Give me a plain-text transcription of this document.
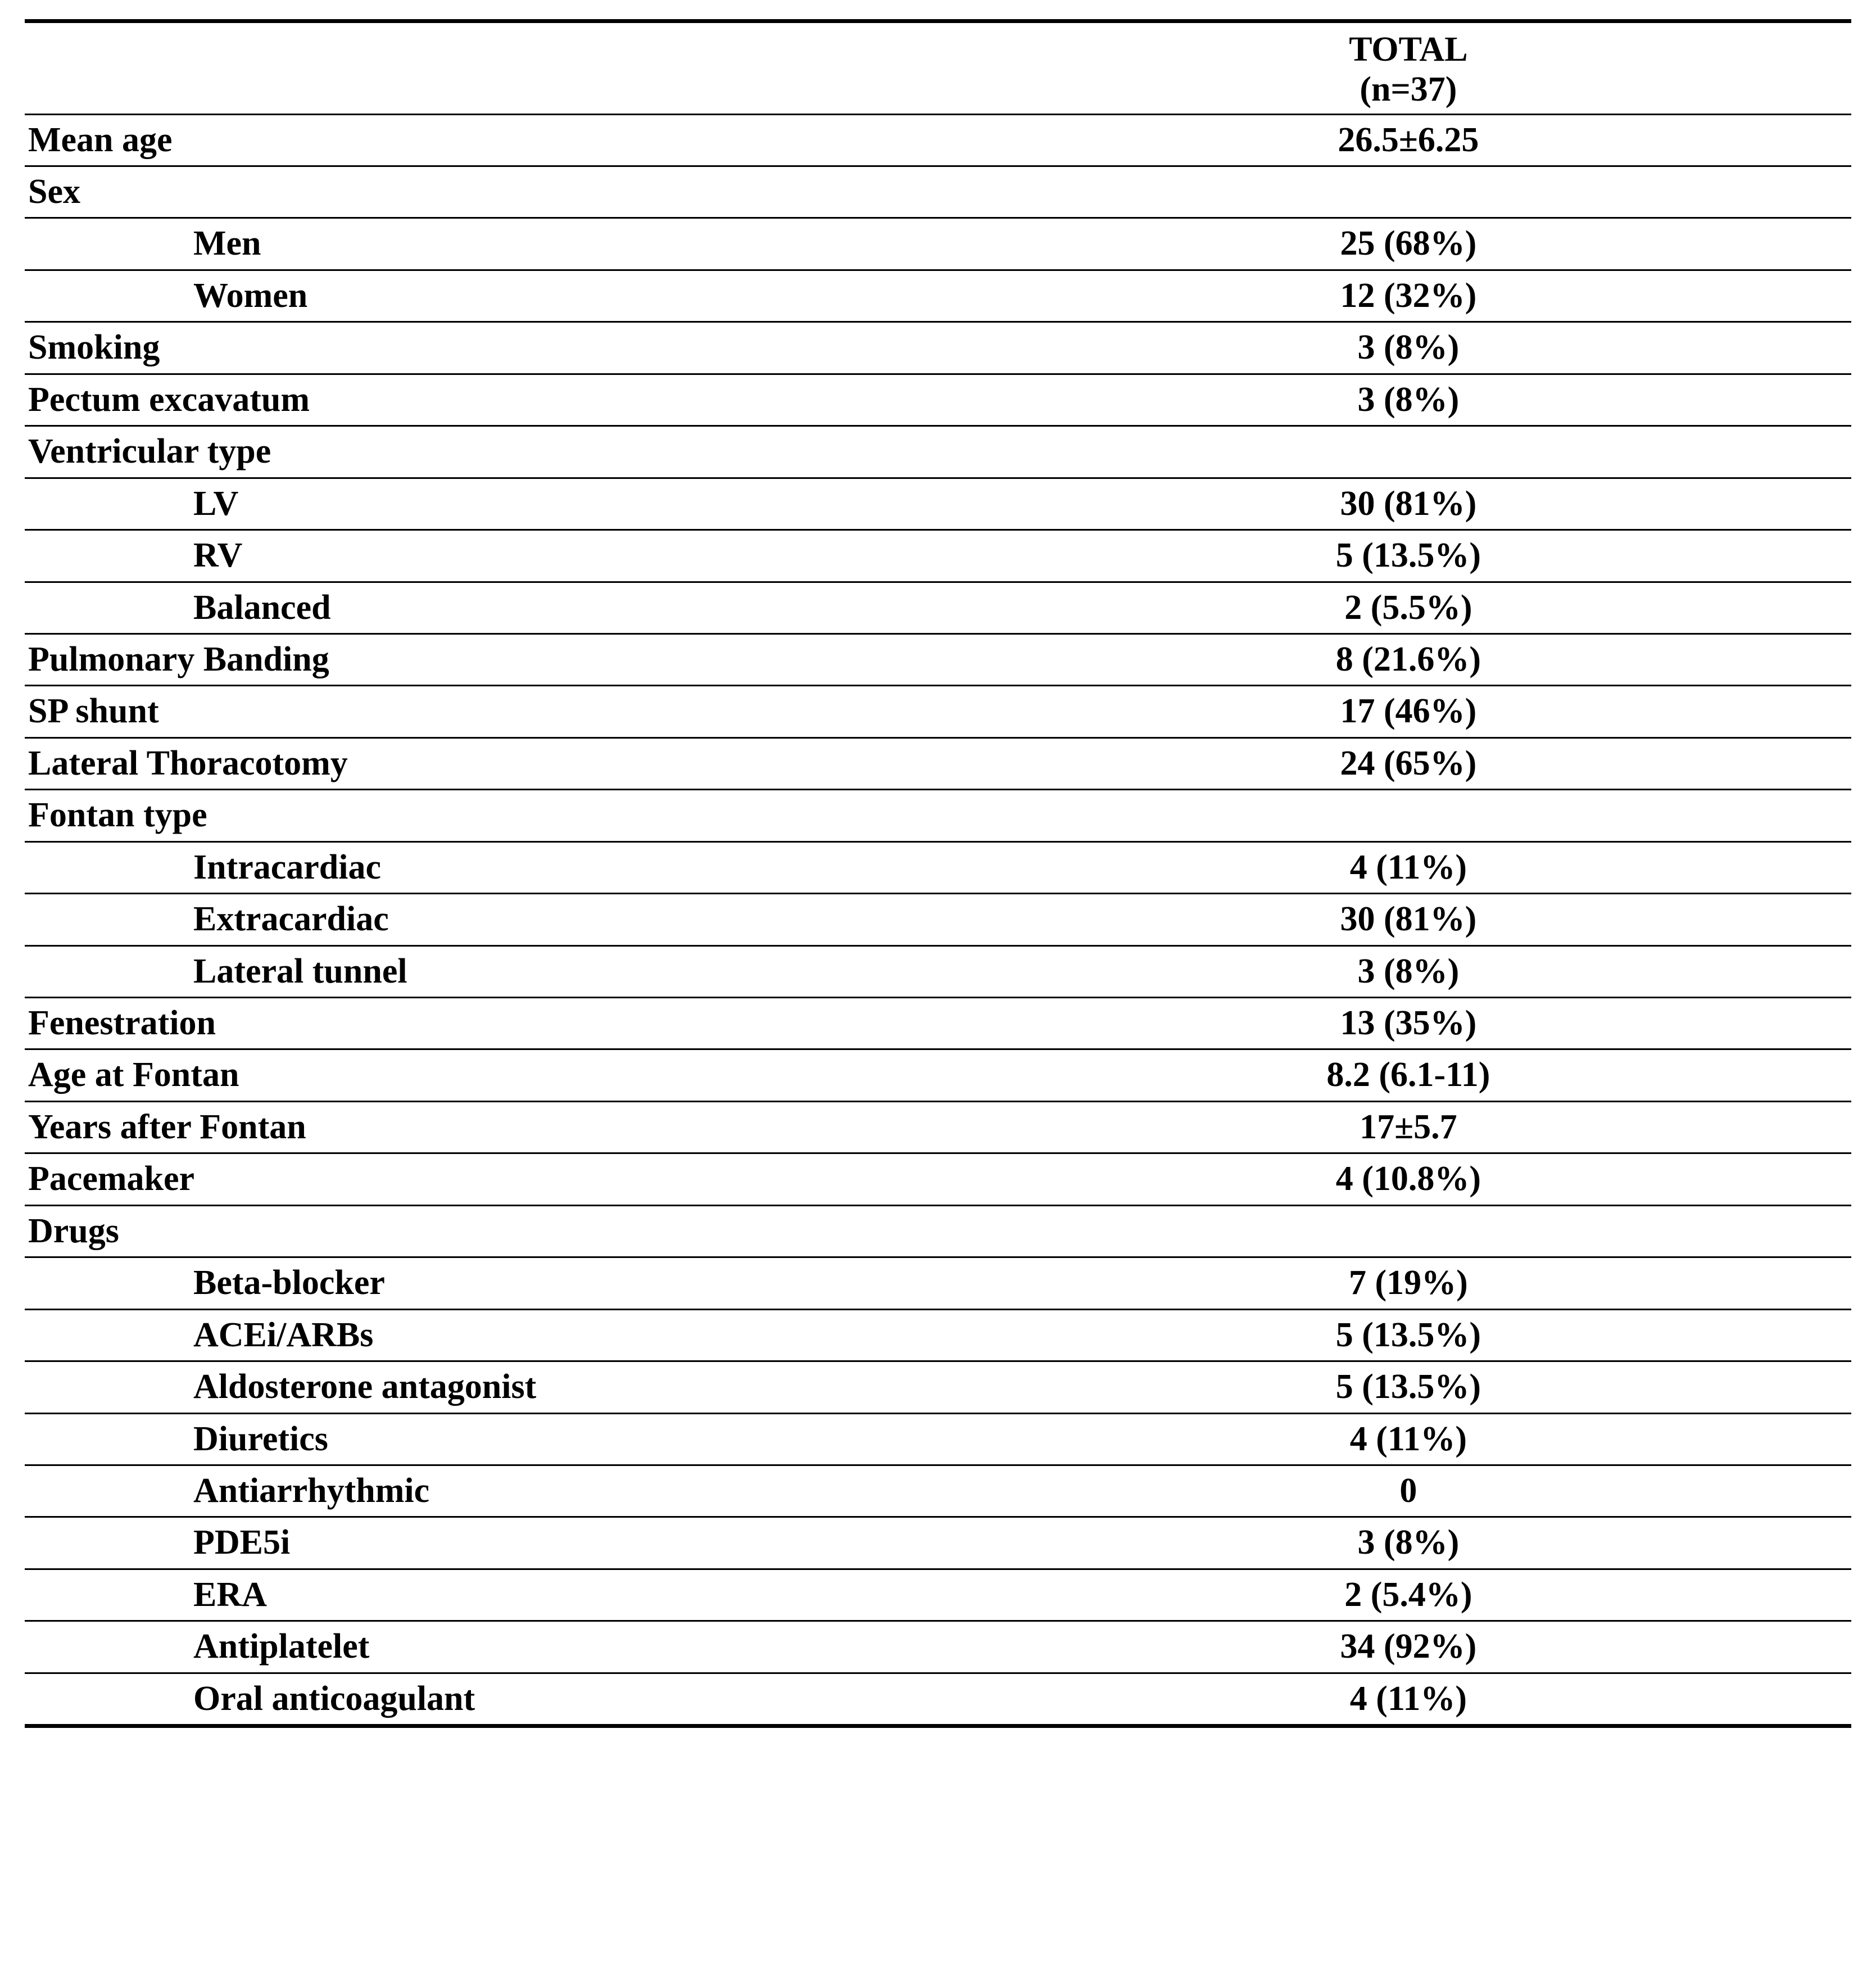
	TOTAL
(n=37)

Mean age	26.5±6.25
Sex	
Men	25 (68%)
Women	12 (32%)
Smoking	3 (8%)
Pectum excavatum	3 (8%)
Ventricular type	
LV	30 (81%)
RV	5 (13.5%)
Balanced	2 (5.5%)
Pulmonary Banding	8 (21.6%)
SP shunt	17 (46%)
Lateral Thoracotomy	24 (65%)
Fontan type	
Intracardiac	4 (11%)
Extracardiac	30 (81%)
Lateral tunnel	3 (8%)
Fenestration	13 (35%)
Age at Fontan	8.2 (6.1-11)
Years after Fontan	17±5.7
Pacemaker	4 (10.8%)
Drugs	
Beta-blocker	7 (19%)
ACEi/ARBs	5 (13.5%)
Aldosterone antagonist	5 (13.5%)
Diuretics	4 (11%)
Antiarrhythmic	0
PDE5i	3 (8%)
ERA	2 (5.4%)
Antiplatelet	34 (92%)
Oral anticoagulant	4 (11%)
